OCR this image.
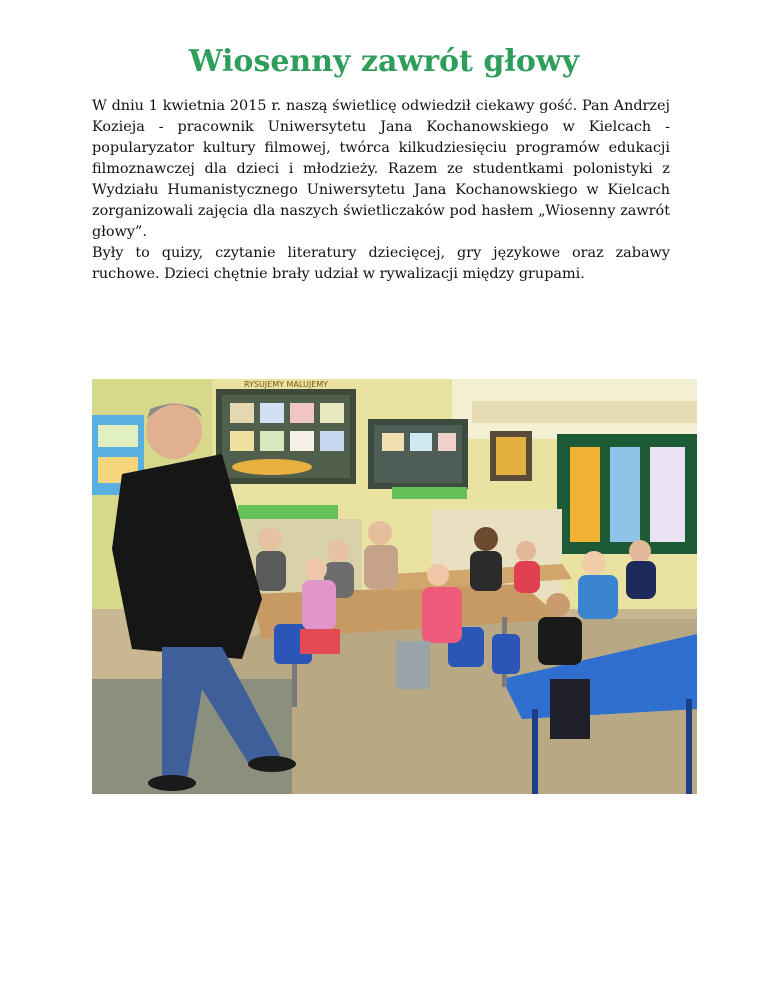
Wiosenny zawrót głowy

W dniu 1 kwietnia 2015 r. naszą świetlicę odwiedził ciekawy gość. Pan Andrzej Kozieja - pracownik Uniwersytetu Jana Kochanowskiego w Kielcach - popularyzator kultury filmowej, twórca kilkudziesięciu programów edukacji filmoznawczej dla dzieci i młodzieży. Razem ze studentkami polonistyki z Wydziału Humanistycznego Uniwersytetu Jana Kochanowskiego w Kielcach zorganizowali zajęcia dla naszych świetliczaków pod hasłem „Wiosenny zawrót głowy”.

Były to quizy, czytanie literatury dziecięcej, gry językowe oraz zabawy ruchowe. Dzieci chętnie brały udział w rywalizacji między grupami.

RYSUJEMY MALUJEMY
